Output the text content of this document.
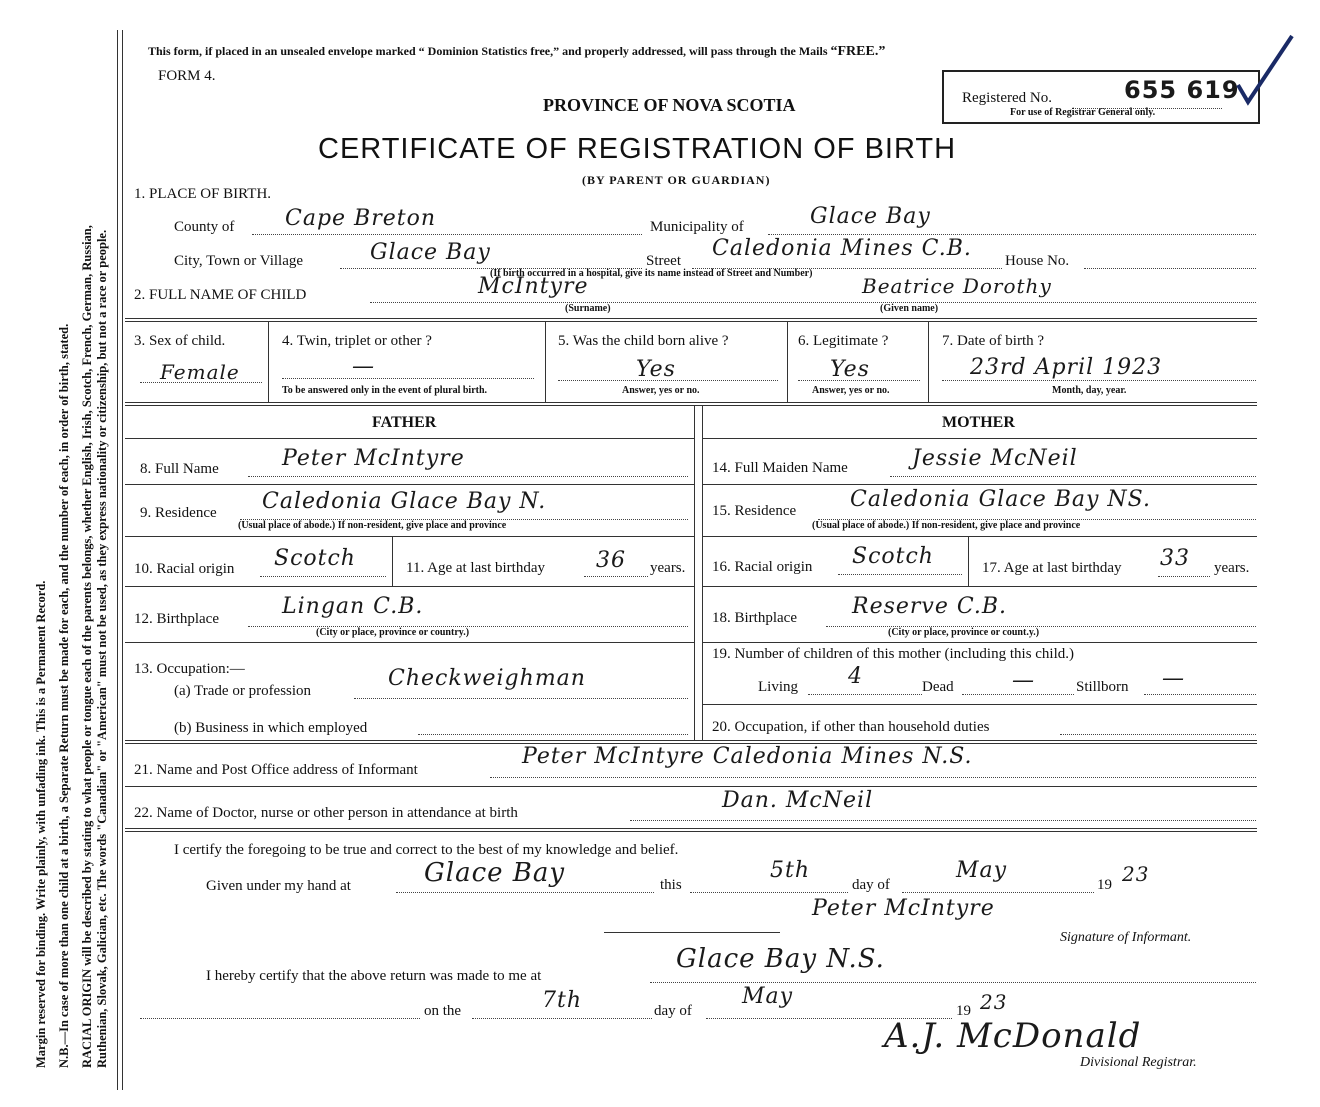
Margin reserved for binding. Write plainly, with unfading ink. This is a Permanent Record. N.B.—In case of more than one child at a birth, a Separate Return must be made for each, and the number of each, in order of birth, stated. RACIAL ORIGIN will be described by stating to what people or tongue each of the parents belongs, whether English, Irish, Scotch, French, German, Russian, Ruthenian, Slovak, Galician, etc. The words "Canadian" or "American" must not be used, as they express nationality or citizenship, but not a race or people.
This form, if placed in an unsealed envelope marked “ Dominion Statistics free,” and properly addressed, will pass through the Mails “FREE.”
FORM 4.
PROVINCE OF NOVA SCOTIA
CERTIFICATE OF REGISTRATION OF BIRTH
(BY PARENT OR GUARDIAN)
Registered No.	655 619
For use of Registrar General only.
1. PLACE OF BIRTH.
County of Cape Breton	Municipality of	Glace Bay
City, Town or Village	Glace Bay	Street Caledonia Mines C.B. House No.
(If birth occurred in a hospital, give its name instead of Street and Number)
2. FULL NAME OF CHILD	McIntyre
(Surname)
Beatrice Dorothy
(Given name)
3. Sex of child.
Female
4. Twin, triplet or other ?
—
To be answered only in the event of plural birth.
5. Was the child born alive ?
Yes
Answer, yes or no.
6. Legitimate ?
Yes
Answer, yes or no.
7. Date of birth ?
23rd April 1923
Month, day, year.
FATHER	MOTHER
8. Full Name	Peter McIntyre	14. Full Maiden Name	Jessie McNeil
9. Residence Caledonia Glace Bay N.
(Usual place of abode.) If non-resident, give place and province
15. Residence Caledonia Glace Bay NS.
(Usual place of abode.) If non-resident, give place and province
10. Racial origin Scotch	11. Age at last birthday 36 years. 16. Racial origin Scotch	17. Age at last birthday 33 years.
12. Birthplace	Lingan C.B.
(City or place, province or country.)
18. Birthplace	Reserve C.B.
(City or place, province or count.y.)
13. Occupation:—
(a) Trade or profession	Checkweighman
(b) Business in which employed
19. Number of children of this mother (including this child.)
Living 4	Dead	—	Stillborn —
20. Occupation, if other than household duties
21. Name and Post Office address of Informant
Peter McIntyre Caledonia Mines N.S.
22. Name of Doctor, nurse or other person in attendance at birth	Dan. McNeil
I certify the foregoing to be true and correct to the best of my knowledge and belief.
Given under my hand at	Glace Bay	this
5th
day of
May
19 23
Peter McIntyre
Signature of Informant.
I hereby certify that the above return was made to me at
Glace Bay N.S.
on the	7th	day of
May
19 23
A.J. McDonald
Divisional Registrar.
